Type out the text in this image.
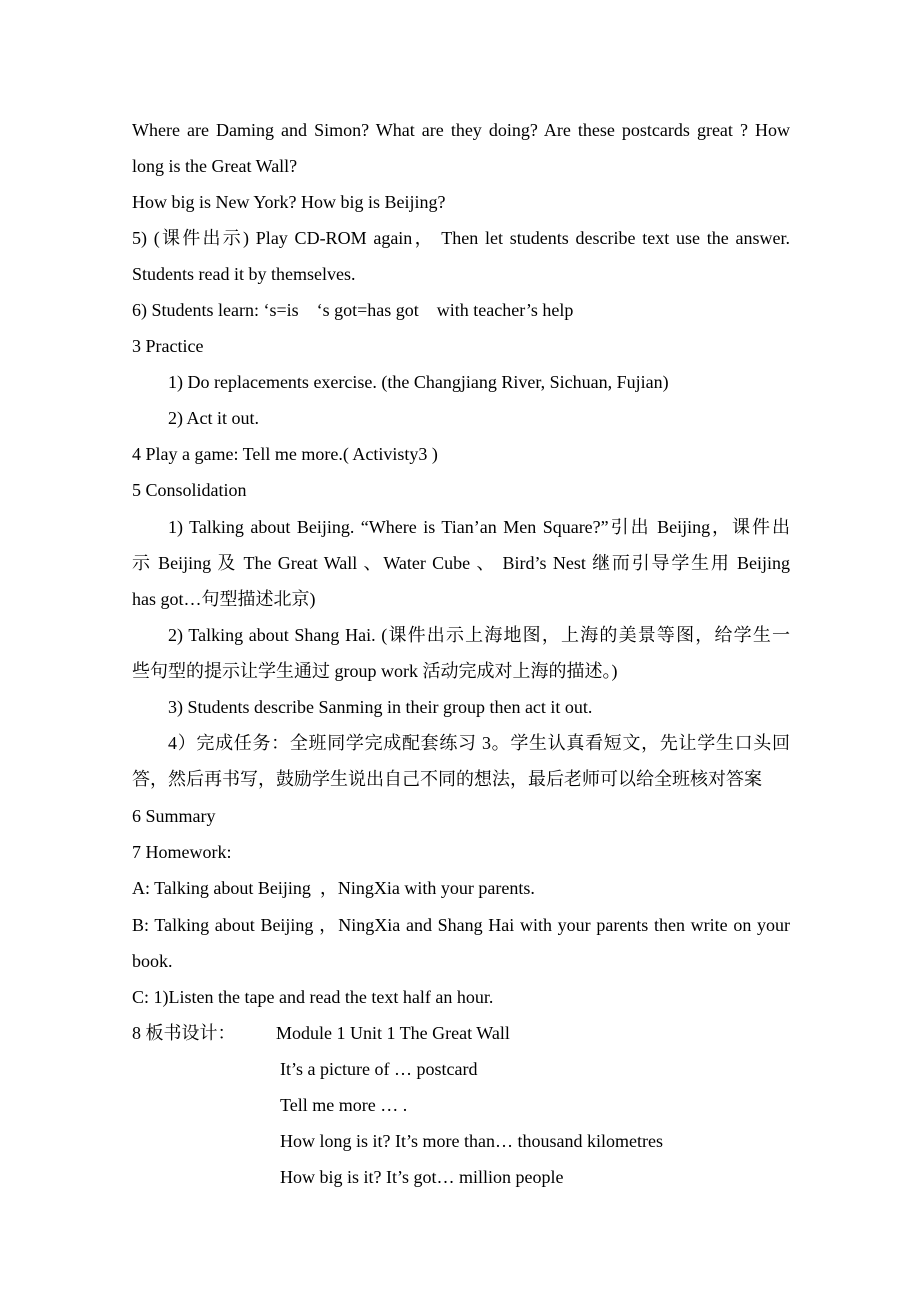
Where are Daming and Simon? What are they doing? Are these postcards great ? How
long is the Great Wall?
How big is New York? How big is Beijing?
5) (课件出示) Play CD-ROM again， Then let students describe text use the answer.
Students read it by themselves.
6) Students learn: ‘s=is    ‘s got=has got    with teacher’s help
3 Practice
1) Do replacements exercise. (the Changjiang River, Sichuan, Fujian)
2) Act it out.
4 Play a game: Tell me more.( Activisty3 )
5 Consolidation
1) Talking about Beijing. “Where is Tian’an Men Square?”引出 Beijing，课件出
示 Beijing 及 The Great Wall 、Water Cube 、 Bird’s Nest 继而引导学生用 Beijing
has got…句型描述北京)
2) Talking about Shang Hai. (课件出示上海地图，上海的美景等图，给学生一
些句型的提示让学生通过 group work 活动完成对上海的描述。)
3) Students describe Sanming in their group then act it out.
4）完成任务：全班同学完成配套练习 3。学生认真看短文，先让学生口头回
答，然后再书写，鼓励学生说出自己不同的想法，最后老师可以给全班核对答案
6 Summary
7 Homework:
A: Talking about Beijing  ，NingXia with your parents.
B: Talking about Beijing ，NingXia and Shang Hai with your parents then write on your
book.
C: 1)Listen the tape and read the text half an hour.
8 板书设计： Module 1 Unit 1 The Great Wall
It’s a picture of … postcard
Tell me more … .
How long is it? It’s more than… thousand kilometres
How big is it? It’s got… million people
